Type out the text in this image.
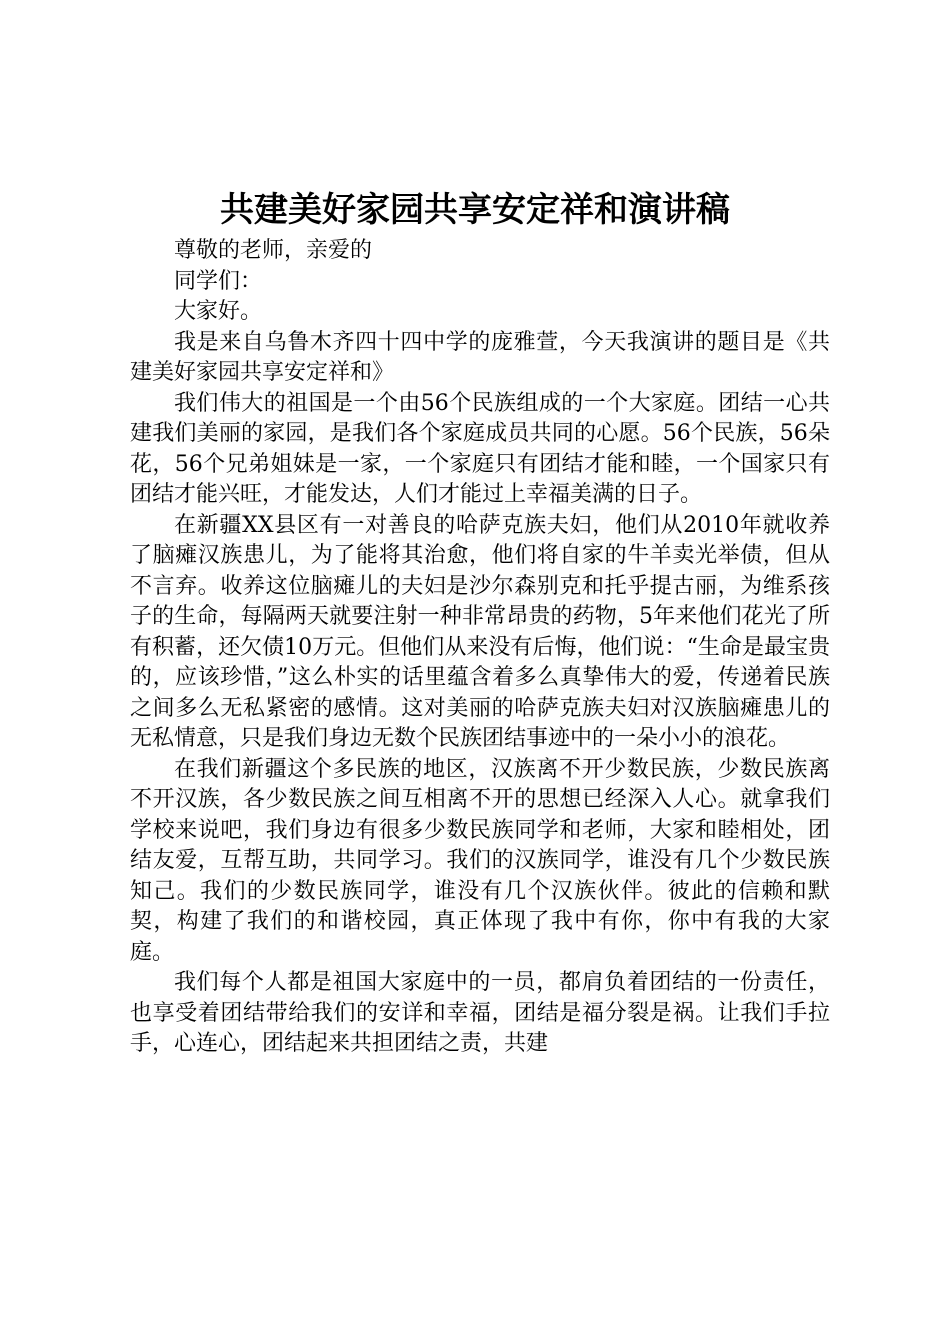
共建美好家园共享安定祥和演讲稿

尊敬的老师，亲爱的

同学们：

大家好。

我是来自乌鲁木齐四十四中学的庞雅萱，今天我演讲的题目是《共建美好家园共享安定祥和》

我们伟大的祖国是一个由56个民族组成的一个大家庭。团结一心共建我们美丽的家园，是我们各个家庭成员共同的心愿。56个民族，56朵花，56个兄弟姐妹是一家，一个家庭只有团结才能和睦，一个国家只有团结才能兴旺，才能发达，人们才能过上幸福美满的日子。

在新疆XX县区有一对善良的哈萨克族夫妇，他们从2010年就收养了脑瘫汉族患儿，为了能将其治愈，他们将自家的牛羊卖光举债，但从不言弃。收养这位脑瘫儿的夫妇是沙尔森别克和托乎提古丽，为维系孩子的生命，每隔两天就要注射一种非常昂贵的药物，5年来他们花光了所有积蓄，还欠债10万元。但他们从来没有后悔，他们说：“生命是最宝贵的，应该珍惜，”这么朴实的话里蕴含着多么真挚伟大的爱，传递着民族之间多么无私紧密的感情。这对美丽的哈萨克族夫妇对汉族脑瘫患儿的无私情意，只是我们身边无数个民族团结事迹中的一朵小小的浪花。

在我们新疆这个多民族的地区，汉族离不开少数民族，少数民族离不开汉族，各少数民族之间互相离不开的思想已经深入人心。就拿我们学校来说吧，我们身边有很多少数民族同学和老师，大家和睦相处，团结友爱，互帮互助，共同学习。我们的汉族同学，谁没有几个少数民族知己。我们的少数民族同学，谁没有几个汉族伙伴。彼此的信赖和默契，构建了我们的和谐校园，真正体现了我中有你，你中有我的大家庭。

我们每个人都是祖国大家庭中的一员，都肩负着团结的一份责任，也享受着团结带给我们的安详和幸福，团结是福分裂是祸。让我们手拉手，心连心，团结起来共担团结之责，共建
